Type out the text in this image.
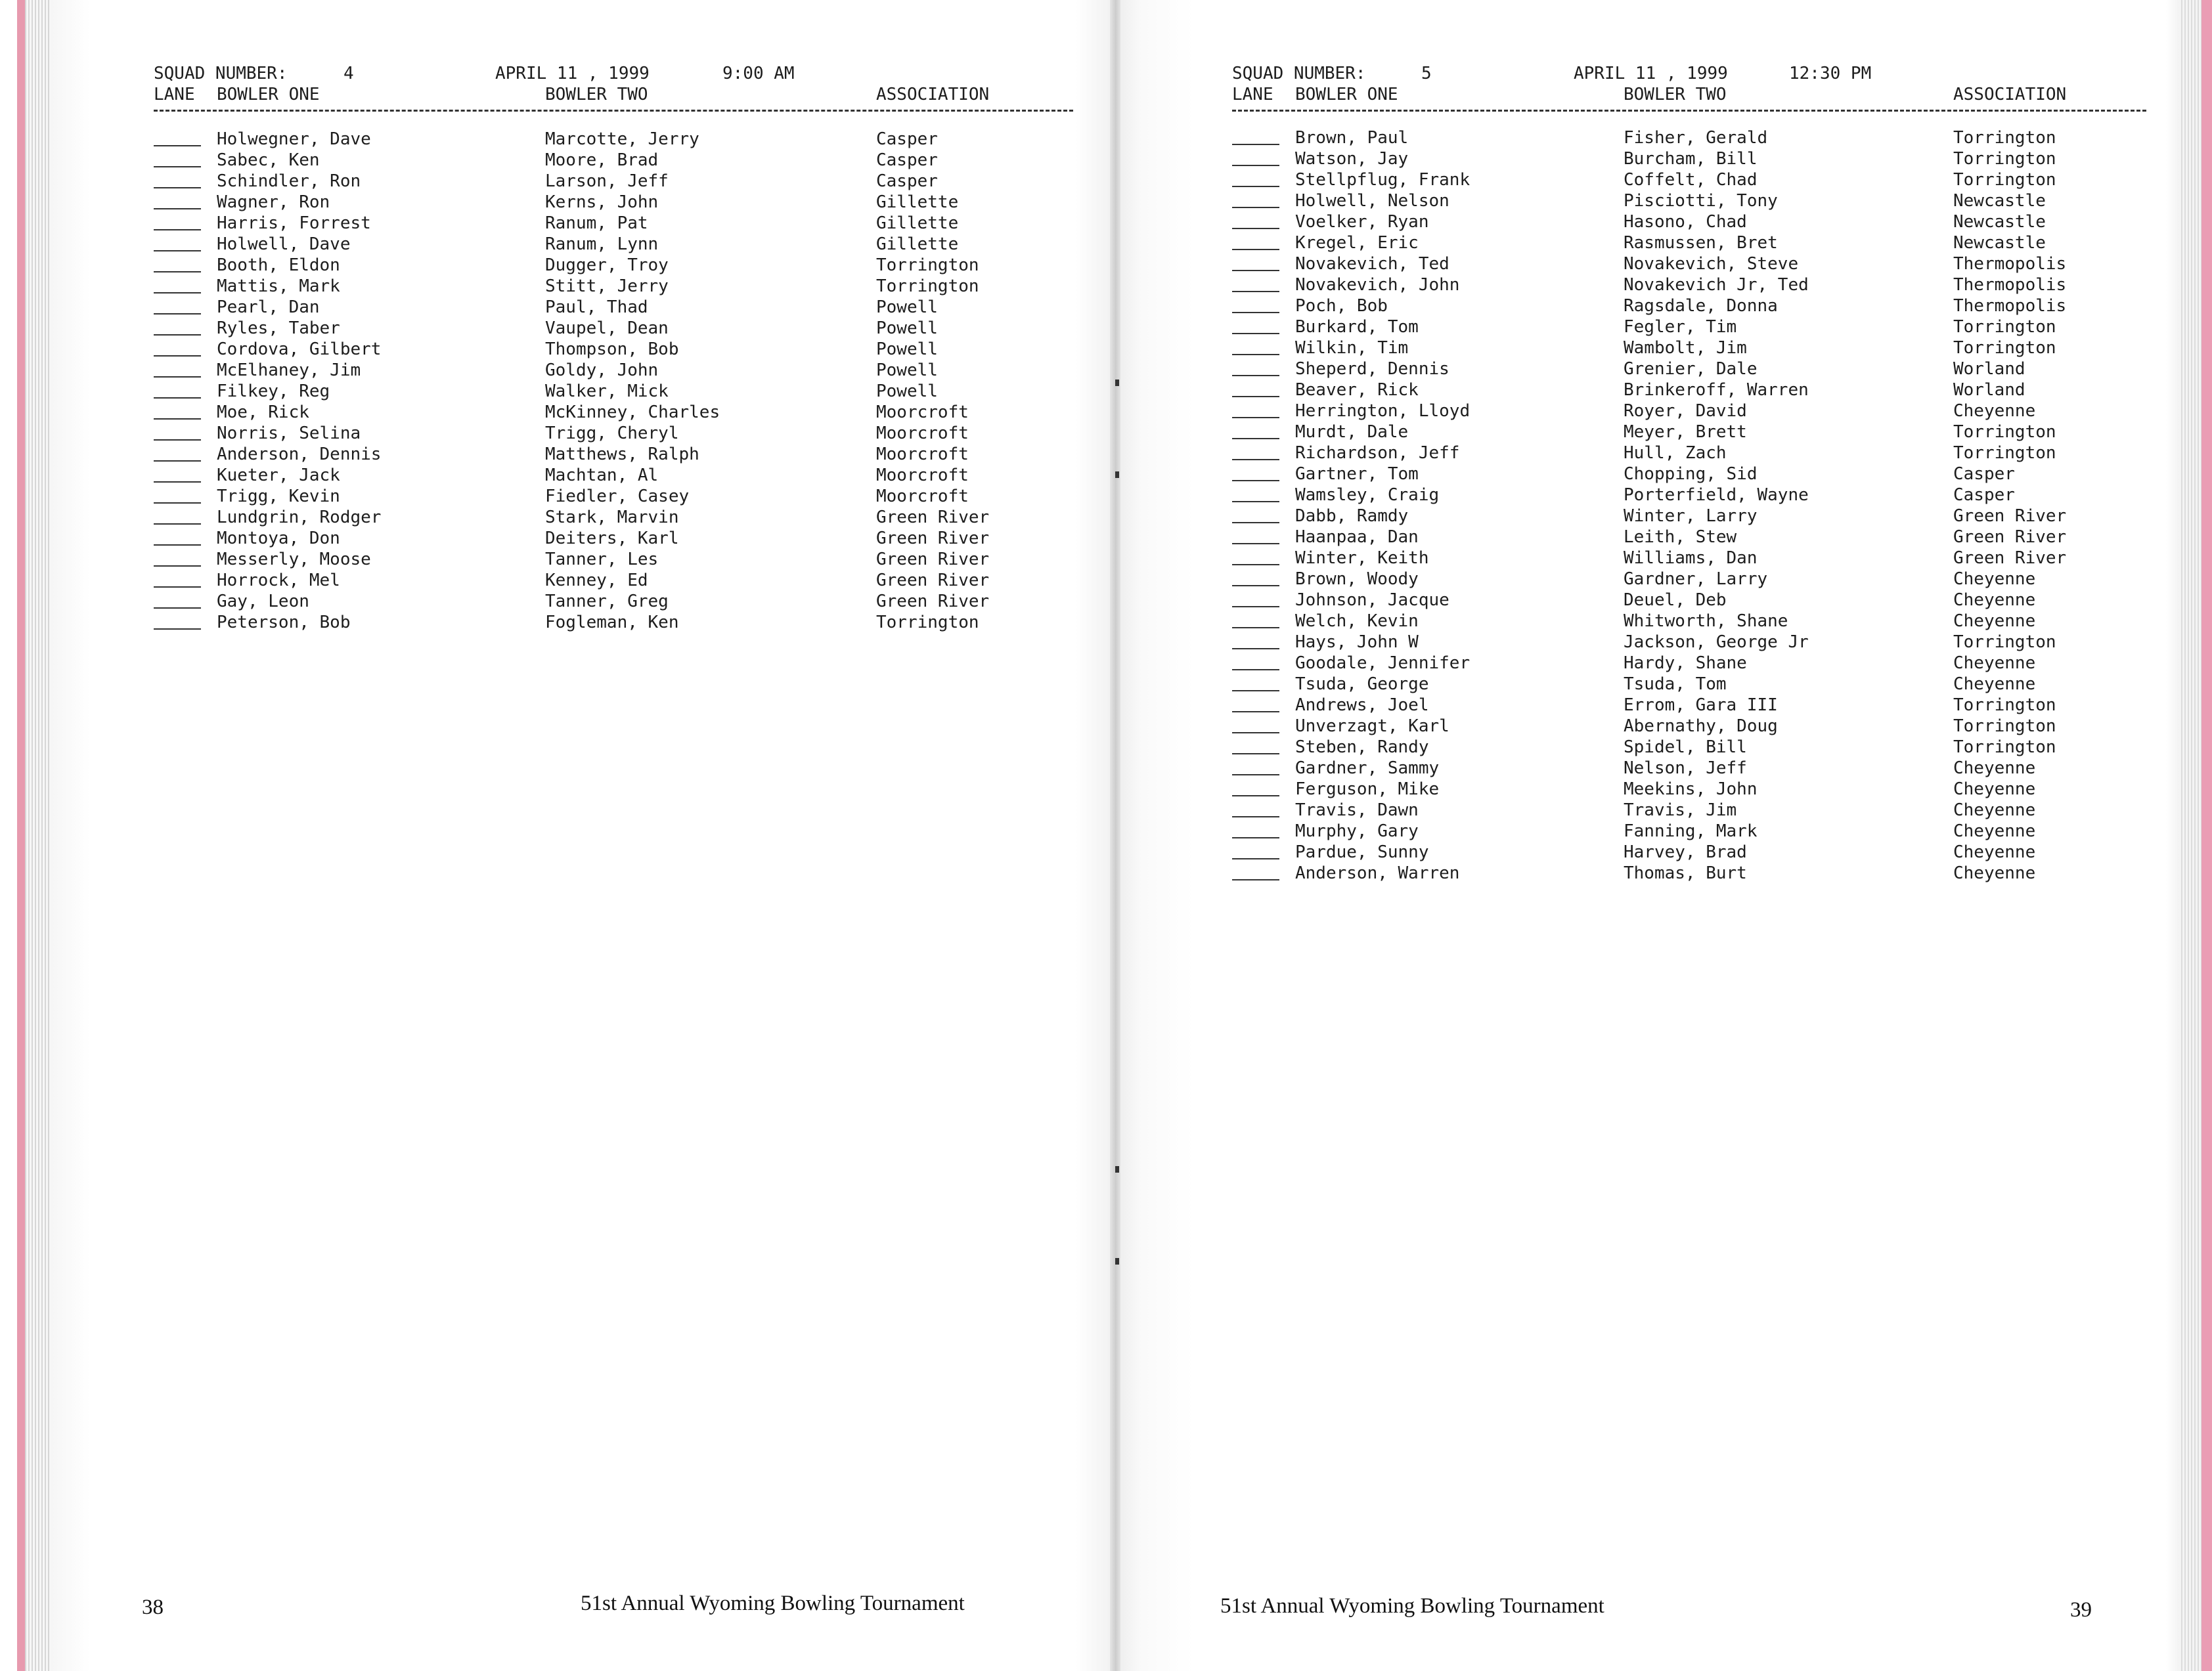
SQUAD NUMBER:	4	APRIL 11 , 1999	9:00 AM
LANE BOWLER ONE	BOWLER TWO	ASSOCIATION
Holwegner, Dave	Marcotte, Jerry	Casper
Sabec, Ken	Moore, Brad	Casper
Schindler, Ron	Larson, Jeff	Casper
Wagner, Ron	Kerns, John	Gillette
Harris, Forrest	Ranum, Pat	Gillette
Holwell, Dave	Ranum, Lynn	Gillette
Booth, Eldon	Dugger, Troy	Torrington
Mattis, Mark	Stitt, Jerry	Torrington
Pearl, Dan	Paul, Thad	Powell
Ryles, Taber	Vaupel, Dean	Powell
Cordova, Gilbert	Thompson, Bob	Powell
McElhaney, Jim	Goldy, John	Powell
Filkey, Reg	Walker, Mick	Powell
Moe, Rick	McKinney, Charles	Moorcroft
Norris, Selina	Trigg, Cheryl	Moorcroft
Anderson, Dennis	Matthews, Ralph	Moorcroft
Kueter, Jack	Machtan, Al	Moorcroft
Trigg, Kevin	Fiedler, Casey	Moorcroft
Lundgrin, Rodger	Stark, Marvin	Green River
Montoya, Don	Deiters, Karl	Green River
Messerly, Moose	Tanner, Les	Green River
Horrock, Mel	Kenney, Ed	Green River
Gay, Leon	Tanner, Greg	Green River
Peterson, Bob	Fogleman, Ken	Torrington
38	51st Annual Wyoming Bowling Tournament
SQUAD NUMBER:	5	APRIL 11 , 1999	12:30 PM
LANE BOWLER ONE	BOWLER TWO	ASSOCIATION
Brown, Paul	Fisher, Gerald	Torrington
Watson, Jay	Burcham, Bill	Torrington
Stellpflug, Frank	Coffelt, Chad	Torrington
Holwell, Nelson	Pisciotti, Tony	Newcastle
Voelker, Ryan	Hasono, Chad	Newcastle
Kregel, Eric	Rasmussen, Bret	Newcastle
Novakevich, Ted	Novakevich, Steve	Thermopolis
Novakevich, John	Novakevich Jr, Ted	Thermopolis
Poch, Bob	Ragsdale, Donna	Thermopolis
Burkard, Tom	Fegler, Tim	Torrington
Wilkin, Tim	Wambolt, Jim	Torrington
Sheperd, Dennis	Grenier, Dale	Worland
Beaver, Rick	Brinkeroff, Warren	Worland
Herrington, Lloyd	Royer, David	Cheyenne
Murdt, Dale	Meyer, Brett	Torrington
Richardson, Jeff	Hull, Zach	Torrington
Gartner, Tom	Chopping, Sid	Casper
Wamsley, Craig	Porterfield, Wayne	Casper
Dabb, Ramdy	Winter, Larry	Green River
Haanpaa, Dan	Leith, Stew	Green River
Winter, Keith	Williams, Dan	Green River
Brown, Woody	Gardner, Larry	Cheyenne
Johnson, Jacque	Deuel, Deb	Cheyenne
Welch, Kevin	Whitworth, Shane	Cheyenne
Hays, John W	Jackson, George Jr	Torrington
Goodale, Jennifer	Hardy, Shane	Cheyenne
Tsuda, George	Tsuda, Tom	Cheyenne
Andrews, Joel	Errom, Gara III	Torrington
Unverzagt, Karl	Abernathy, Doug	Torrington
Steben, Randy	Spidel, Bill	Torrington
Gardner, Sammy	Nelson, Jeff	Cheyenne
Ferguson, Mike	Meekins, John	Cheyenne
Travis, Dawn	Travis, Jim	Cheyenne
Murphy, Gary	Fanning, Mark	Cheyenne
Pardue, Sunny	Harvey, Brad	Cheyenne
Anderson, Warren	Thomas, Burt	Cheyenne
51st Annual Wyoming Bowling Tournament	39
